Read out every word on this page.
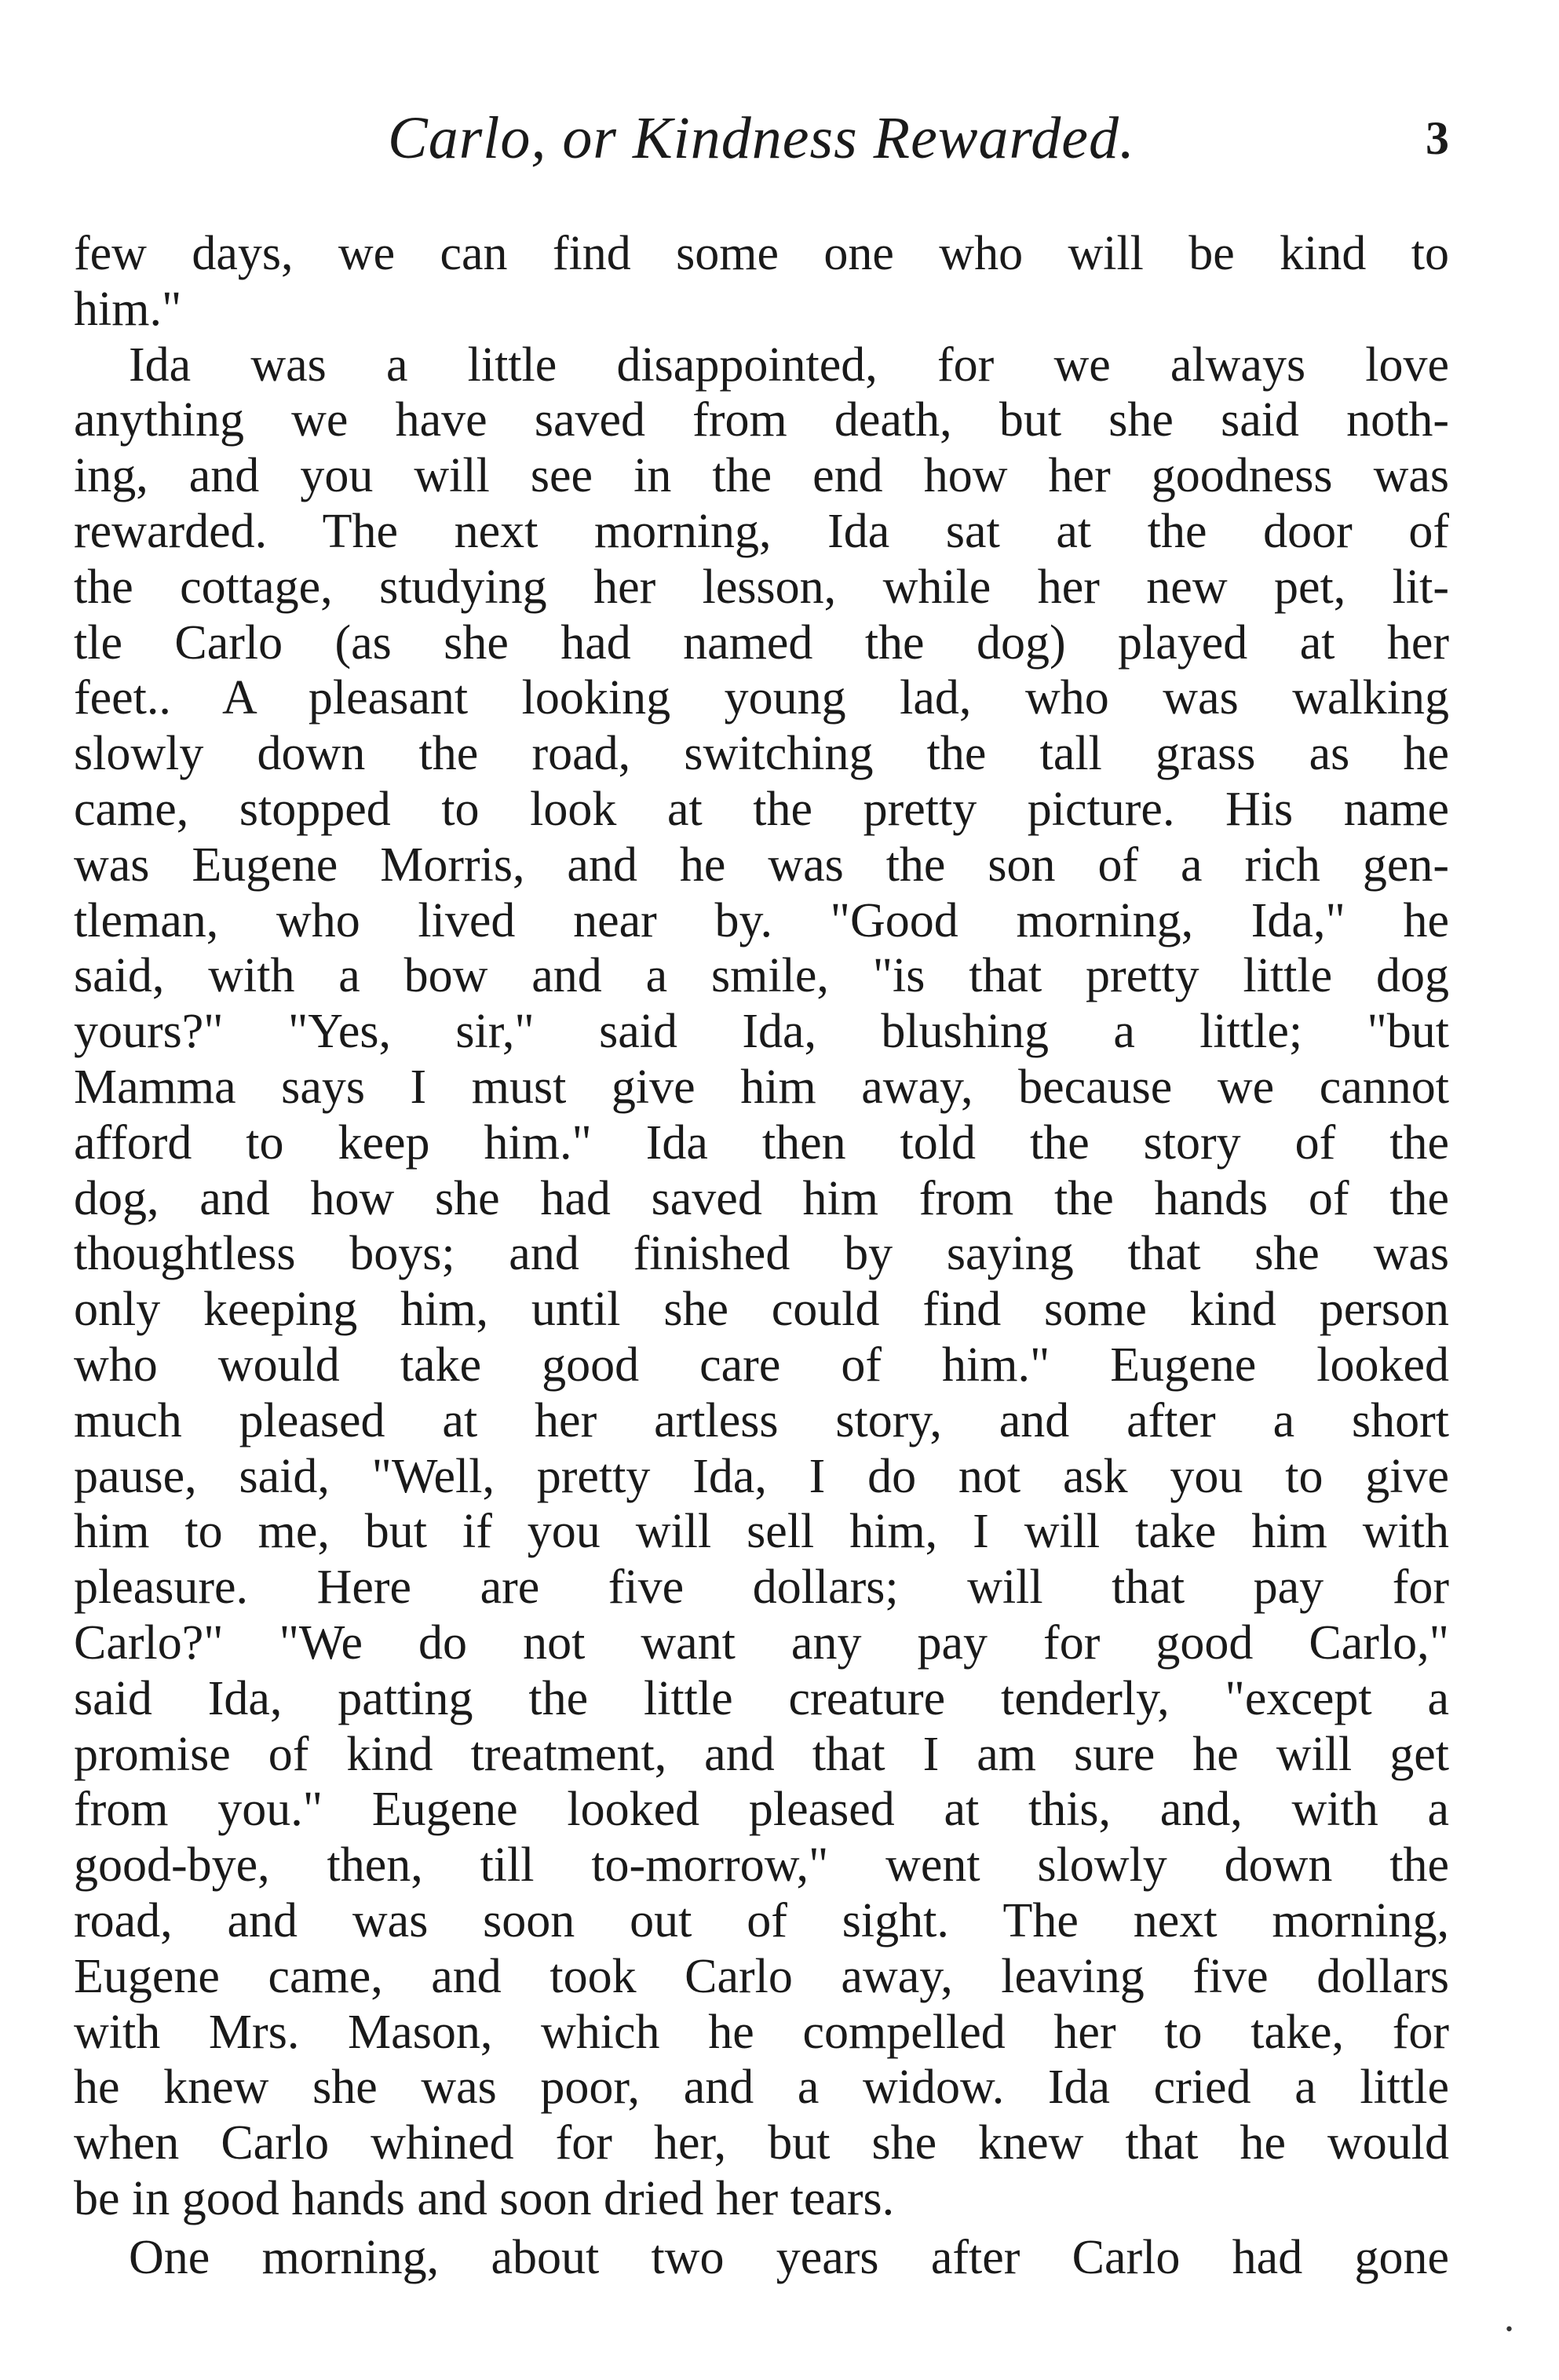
Carlo, or Kindness Rewarded.	3
few days, we can find some one who will be kind to
him."
Ida was a little disappointed, for we always love
anything we have saved from death, but she said noth-
ing, and you will see in the end how her goodness was
rewarded. The next morning, Ida sat at the door of
the cottage, studying her lesson, while her new pet, lit-
tle Carlo (as she had named the dog) played at her
feet.. A pleasant looking young lad, who was walking
slowly down the road, switching the tall grass as he
came, stopped to look at the pretty picture. His name
was Eugene Morris, and he was the son of a rich gen-
tleman, who lived near by. "Good morning, Ida," he
said, with a bow and a smile, "is that pretty little dog
yours?" "Yes, sir," said Ida, blushing a little; "but
Mamma says I must give him away, because we cannot
afford to keep him." Ida then told the story of the
dog, and how she had saved him from the hands of the
thoughtless boys; and finished by saying that she was
only keeping him, until she could find some kind person
who would take good care of him." Eugene looked
much pleased at her artless story, and after a short
pause, said, "Well, pretty Ida, I do not ask you to give
him to me, but if you will sell him, I will take him with
pleasure. Here are five dollars; will that pay for
Carlo?" "We do not want any pay for good Carlo,"
said Ida, patting the little creature tenderly, "except a
promise of kind treatment, and that I am sure he will get
from you." Eugene looked pleased at this, and, with a
good-bye, then, till to-morrow," went slowly down the
road, and was soon out of sight. The next morning,
Eugene came, and took Carlo away, leaving five dollars
with Mrs. Mason, which he compelled her to take, for
he knew she was poor, and a widow. Ida cried a little
when Carlo whined for her, but she knew that he would
be in good hands and soon dried her tears.
One morning, about two years after Carlo had gone
•
